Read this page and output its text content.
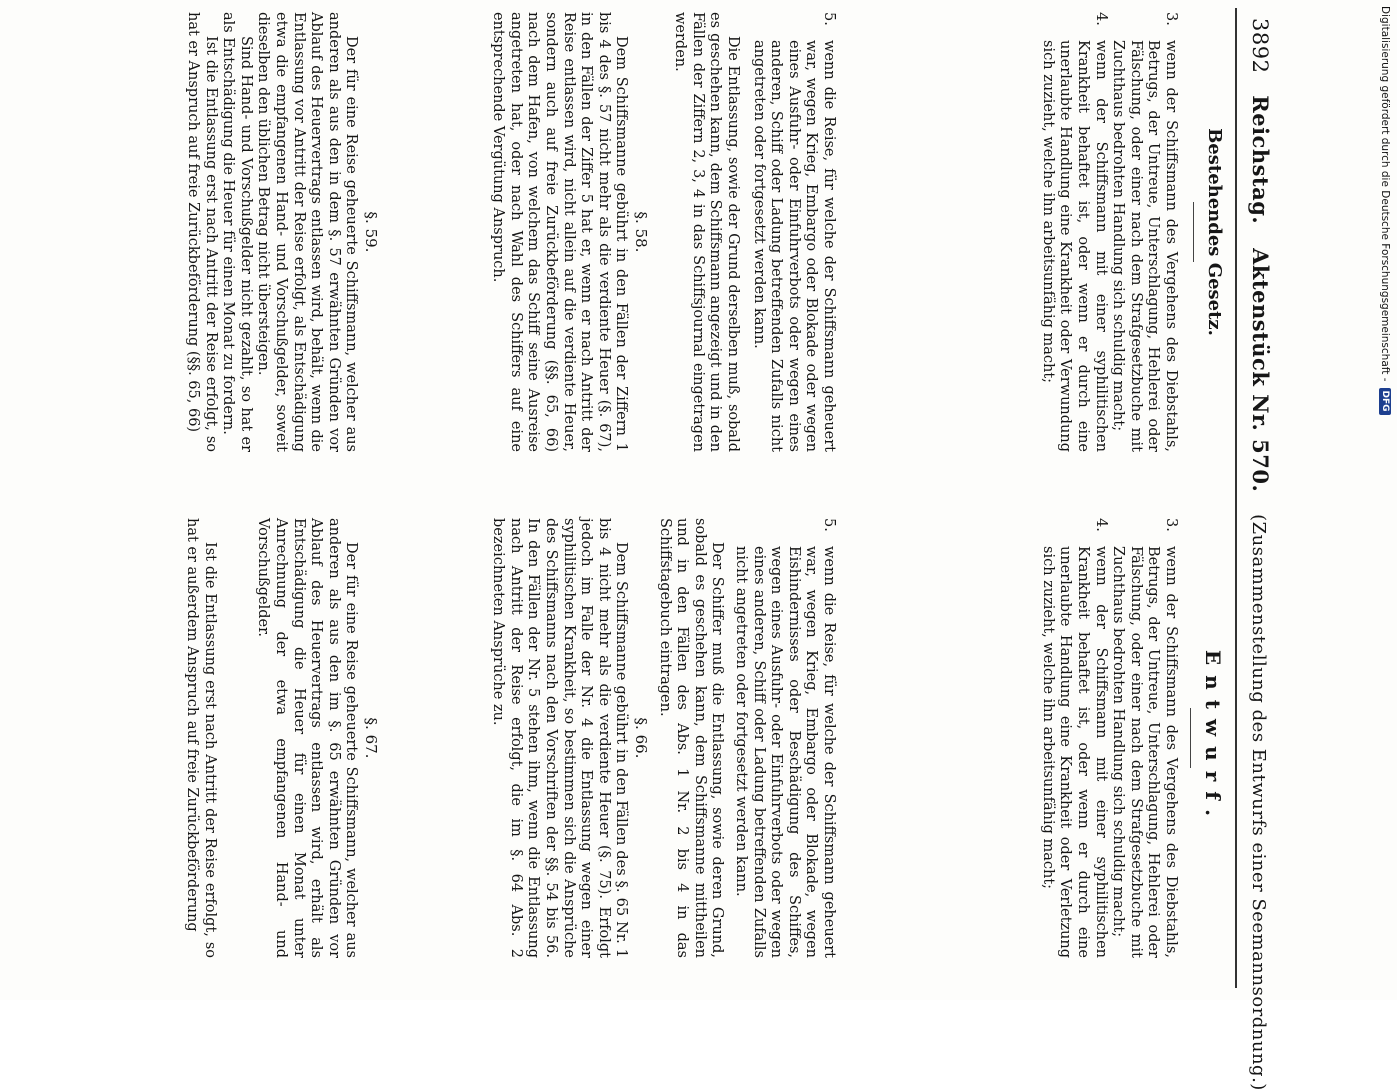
3892 Reichstag. Aktenstück Nr. 570. (Zusammenstellung des Entwurfs einer Seemannsordnung.)
Bestehendes Gesetz.
3.
wenn der Schiffsmann des Vergehens des Diebstahls, Betrugs, der Untreue, Unterschlagung, Hehlerei oder Fälschung, oder einer nach dem Strafgesetzbuche mit Zuchthaus bedrohten Handlung sich schuldig macht;
4.
wenn der Schiffsmann mit einer syphilitischen Krankheit behaftet ist, oder wenn er durch eine unerlaubte Handlung eine Krankheit oder Verwundung sich zuzieht, welche ihn arbeitsunfähig macht;
5.
wenn die Reise, für welche der Schiffsmann geheuert war, wegen Krieg, Embargo oder Blokade oder wegen eines Ausfuhr- oder Einfuhrverbots oder wegen eines anderen, Schiff oder Ladung betreffenden Zufalls nicht angetreten oder fortgesetzt werden kann.

Die Entlassung, sowie der Grund derselben muß, sobald es geschehen kann, dem Schiffsmann angezeigt und in den Fällen der Ziffern 2, 3, 4 in das Schiffsjournal eingetragen werden.

§. 58.

Dem Schiffsmanne gebührt in den Fällen der Ziffern 1 bis 4 des §. 57 nicht mehr als die verdiente Heuer (§. 67), in den Fällen der Ziffer 5 hat er, wenn er nach Antritt der Reise entlassen wird, nicht allein auf die verdiente Heuer, sondern auch auf freie Zurückbeförderung (§§. 65, 66) nach dem Hafen, von welchem das Schiff seine Ausreise angetreten hat, oder nach Wahl des Schiffers auf eine entsprechende Vergütung Anspruch.

§. 59.

Der für eine Reise geheuerte Schiffsmann, welcher aus anderen als aus den in dem §. 57 erwähnten Gründen vor Ablauf des Heuervertrags entlassen wird, behält, wenn die Entlassung vor Antritt der Reise erfolgt, als Entschädigung etwa die empfangenen Hand- und Vorschußgelder, soweit dieselben den üblichen Betrag nicht übersteigen.

Sind Hand- und Vorschußgelder nicht gezahlt, so hat er als Entschädigung die Heuer für einen Monat zu fordern.

Ist die Entlassung erst nach Antritt der Reise erfolgt, so hat er Anspruch auf freie Zurückbeförderung (§§. 65, 66)

Entwurf.
3.
wenn der Schiffsmann des Vergehens des Diebstahls, Betrugs, der Untreue, Unterschlagung, Hehlerei oder Fälschung, oder einer nach dem Strafgesetzbuche mit Zuchthaus bedrohten Handlung sich schuldig macht;
4.
wenn der Schiffsmann mit einer syphilitischen Krankheit behaftet ist, oder wenn er durch eine unerlaubte Handlung eine Krankheit oder Verletzung sich zuzieht, welche ihn arbeitsunfähig macht;
5.
wenn die Reise, für welche der Schiffsmann geheuert war, wegen Krieg, Embargo oder Blokade, wegen Eishindernisses oder Beschädigung des Schiffes, wegen eines Ausfuhr- oder Einfuhrverbots oder wegen eines anderen, Schiff oder Ladung betreffenden Zufalls nicht angetreten oder fortgesetzt werden kann.

Der Schiffer muß die Entlassung, sowie deren Grund, sobald es geschehen kann, dem Schiffsmanne mittheilen und in den Fällen des Abs. 1 Nr. 2 bis 4 in das Schiffstagebuch eintragen.

§. 66.

Dem Schiffsmanne gebührt in den Fällen des §. 65 Nr. 1 bis 4 nicht mehr als die verdiente Heuer (§. 75). Erfolgt jedoch im Falle der Nr. 4 die Entlassung wegen einer syphilitischen Krankheit, so bestimmen sich die Ansprüche des Schiffsmanns nach den Vorschriften der §§. 54 bis 56. In den Fällen der Nr. 5 stehen ihm, wenn die Entlassung nach Antritt der Reise erfolgt, die im §. 64 Abs. 2 bezeichneten Ansprüche zu.

§. 67.

Der für eine Reise geheuerte Schiffsmann, welcher aus anderen als aus den im §. 65 erwähnten Gründen vor Ablauf des Heuervertrags entlassen wird, erhält als Entschädigung die Heuer für einen Monat unter Anrechnung der etwa empfangenen Hand- und Vorschußgelder.

Ist die Entlassung erst nach Antritt der Reise erfolgt, so hat er außerdem Anspruch auf freie Zurückbeförderung

Digitalisierung gefördert durch die Deutsche Forschungsgemeinschaft -
DFG
